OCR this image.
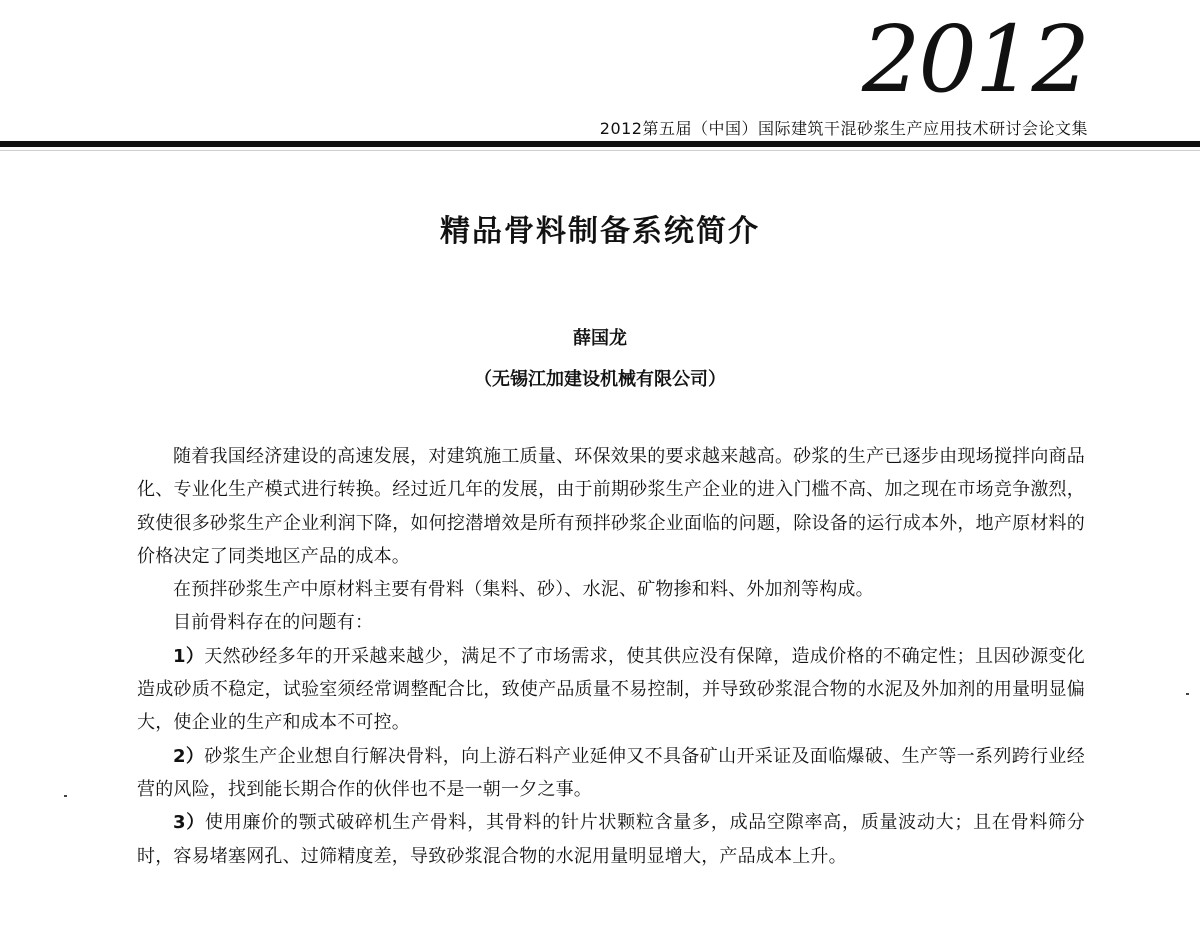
2012
2012第五届（中国）国际建筑干混砂浆生产应用技术研讨会论文集
精品骨料制备系统简介
薛国龙
（无锡江加建设机械有限公司）

随着我国经济建设的高速发展，对建筑施工质量、环保效果的要求越来越高。砂浆的生产已逐步由现场搅拌向商品化、专业化生产模式进行转换。经过近几年的发展，由于前期砂浆生产企业的进入门槛不高、加之现在市场竞争激烈，致使很多砂浆生产企业利润下降，如何挖潜增效是所有预拌砂浆企业面临的问题，除设备的运行成本外，地产原材料的价格决定了同类地区产品的成本。

在预拌砂浆生产中原材料主要有骨料（集料、砂）、水泥、矿物掺和料、外加剂等构成。

目前骨料存在的问题有：

1）天然砂经多年的开采越来越少，满足不了市场需求，使其供应没有保障，造成价格的不确定性；且因砂源变化造成砂质不稳定，试验室须经常调整配合比，致使产品质量不易控制，并导致砂浆混合物的水泥及外加剂的用量明显偏大，使企业的生产和成本不可控。

2）砂浆生产企业想自行解决骨料，向上游石料产业延伸又不具备矿山开采证及面临爆破、生产等一系列跨行业经营的风险，找到能长期合作的伙伴也不是一朝一夕之事。

3）使用廉价的颚式破碎机生产骨料，其骨料的针片状颗粒含量多，成品空隙率高，质量波动大；且在骨料筛分时，容易堵塞网孔、过筛精度差，导致砂浆混合物的水泥用量明显增大，产品成本上升。
